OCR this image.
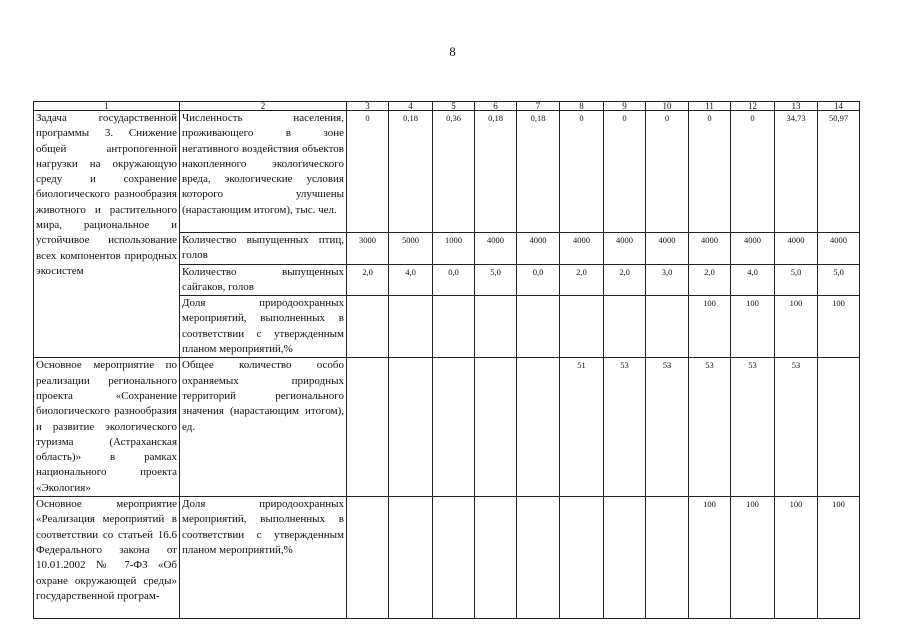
8
1	2	3	4	5	6	7	8	9	10	11	12	13	14
Задача государственной программы 3. Снижение общей антропогенной нагрузки на окружающую среду и сохранение биологического разнообразия животного и растительного мира, рациональное и устойчивое использование всех компонентов природных экосистем	Численность населения, проживающего в зоне негативного воздействия объектов накопленного экологического вреда, экологические условия которого улучшены (нарастающим итогом), тыс. чел.	0	0,18	0,36	0,18	0,18	0	0	0	0	0	34,73	50,97
	Количество выпущенных птиц, голов	3000	5000	1000	4000	4000	4000	4000	4000	4000	4000	4000	4000
	Количество выпущенных сайгаков, голов	2,0	4,0	0,0	5,0	0,0	2,0	2,0	3,0	2,0	4,0	5,0	5,0
	Доля природоохранных мероприятий, выполненных в соответствии с утвержденным планом мероприятий,%									100	100	100	100
Основное мероприятие по реализации регионального проекта «Сохранение биологического разнообразия и развитие экологического туризма (Астраханская область)» в рамках национального проекта «Экология»	Общее количество особо охраняемых природных территорий регионального значения (нарастающим итогом), ед.						51	53	53	53	53	53	
Основное мероприятие «Реализация мероприятий в соответствии со статьей 16.6 Федерального закона от 10.01.2002 № 7-ФЗ «Об охране окружающей среды» государственной програм-	Доля природоохранных мероприятий, выполненных в соответствии с утвержденным планом мероприятий,%									100	100	100	100
